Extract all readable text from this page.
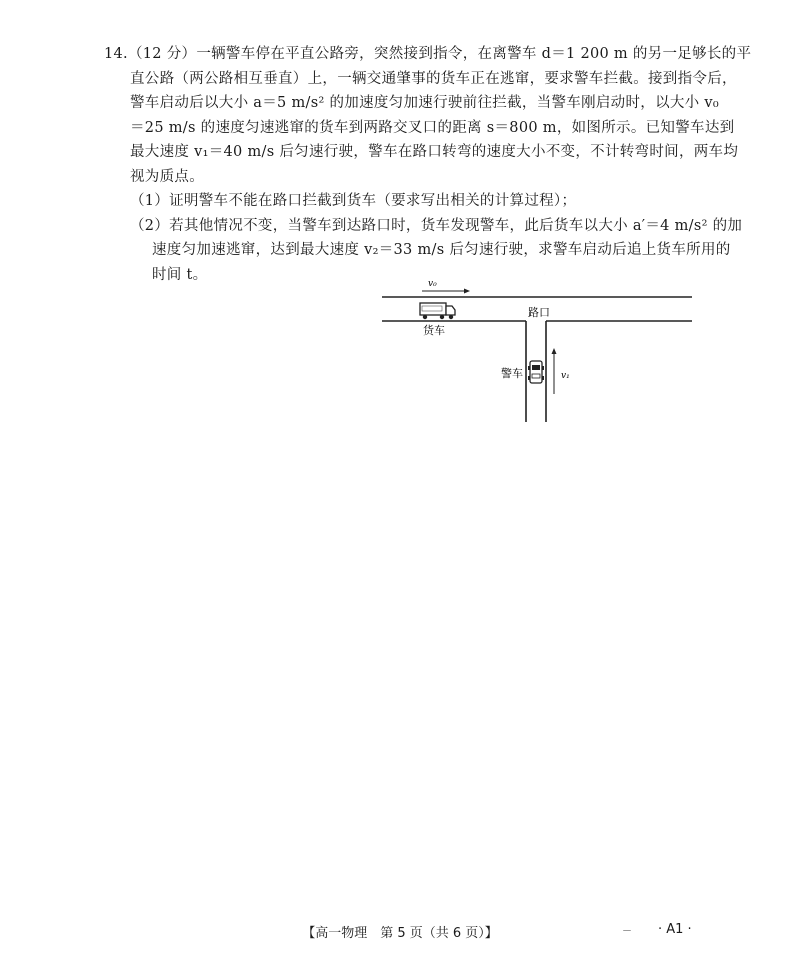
14.（12 分）一辆警车停在平直公路旁，突然接到指令，在离警车 d＝1 200 m 的另一足够长的平
直公路（两公路相互垂直）上，一辆交通肇事的货车正在逃窜，要求警车拦截。接到指令后，
警车启动后以大小 a＝5 m/s² 的加速度匀加速行驶前往拦截，当警车刚启动时，以大小 v₀
＝25 m/s 的速度匀速逃窜的货车到两路交叉口的距离 s＝800 m，如图所示。已知警车达到
最大速度 v₁＝40 m/s 后匀速行驶，警车在路口转弯的速度大小不变，不计转弯时间，两车均
视为质点。
（1）证明警车不能在路口拦截到货车（要求写出相关的计算过程）；
（2）若其他情况不变，当警车到达路口时，货车发现警车，此后货车以大小 a′＝4 m/s² 的加
速度匀加速逃窜，达到最大速度 v₂＝33 m/s 后匀速行驶，求警车启动后追上货车所用的
时间 t。
v₀
货车
路口
警车	v₁
【高一物理　第 5 页（共 6 页）】	－ · A1 ·
